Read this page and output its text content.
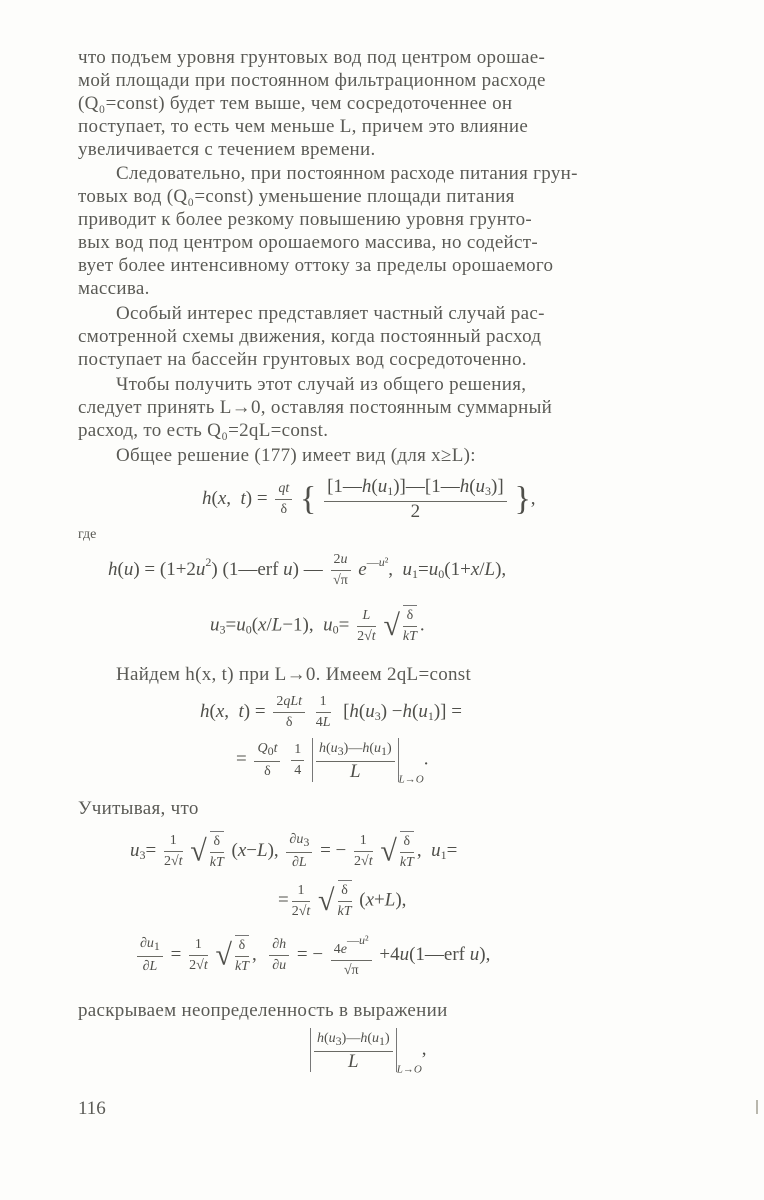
что подъем уровня грунтовых вод под центром орошае-
мой площади при постоянном фильтрационном расходе
(Q₀=const) будет тем выше, чем сосредоточеннее он
поступает, то есть чем меньше L, причем это влияние
увеличивается с течением времени.
Следовательно, при постоянном расходе питания грун-
товых вод (Q₀=const) уменьшение площади питания
приводит к более резкому повышению уровня грунто-
вых вод под центром орошаемого массива, но содейст-
вует более интенсивному оттоку за пределы орошаемого
массива.
Особый интерес представляет частный случай рас-
смотренной схемы движения, когда постоянный расход
поступает на бассейн грунтовых вод сосредоточенно.
Чтобы получить этот случай из общего решения,
следует принять L→0, оставляя постоянным суммарный
расход, то есть Q₀=2qL=const.
Общее решение (177) имеет вид (для x≥L):
h(x,  $t) = \frac{qt}{\delta}$ { $\frac{[1—h(u_1)]—[1—h(u_3)]}{2}$ },
где
$h(u) = (1+2u^2)$ (1—erf u) — $\frac{2u}{√\pi} e^{—u^2}$,  $u_1=u_0(1+x/L)$,
$u_3=u_0(x/L-1)$,  $u_0= \frac{L}{2√t}$ √ $\frac{\delta}{kT}$ .
Найдем h(x, t) при L→0. Имеем 2qL=const
h(x,  $t) = \frac{\text{2qLt}}{\delta}$
$\frac{1}{4L} [h(u_3) -h(u_1)]$ =
= $\frac{Q0t}{\delta}$
$\frac{1}{4}$
$\frac{h(u3)—h(u1)}{L} _{L\to O}$.
Учитывая, что
$u_3= \frac{1}{2√t}$ √ $\frac{\delta}{kT} (x-L)$, $\frac{\partial u3}{\partial L}$ = − $\frac{1}{2√t}$ √ $\frac{\delta}{kT}$ ,  $u_1=$
= $\frac{1}{2√t}$ √ $\frac{\delta}{kT} (x+L)$,
$\frac{\partial u1}{\partial L} = \frac{1}{2√t}$ √ $\frac{\delta}{kT}$ , $\frac{\partial h}{\partial u}$ = − $\frac{\text{4e—u²}}{√\pi}$ +4u(1—erf u),
раскрываем неопределенность в выражении
$\frac{h(u3)—h(u1)}{L} _{L\to O}$,
116
